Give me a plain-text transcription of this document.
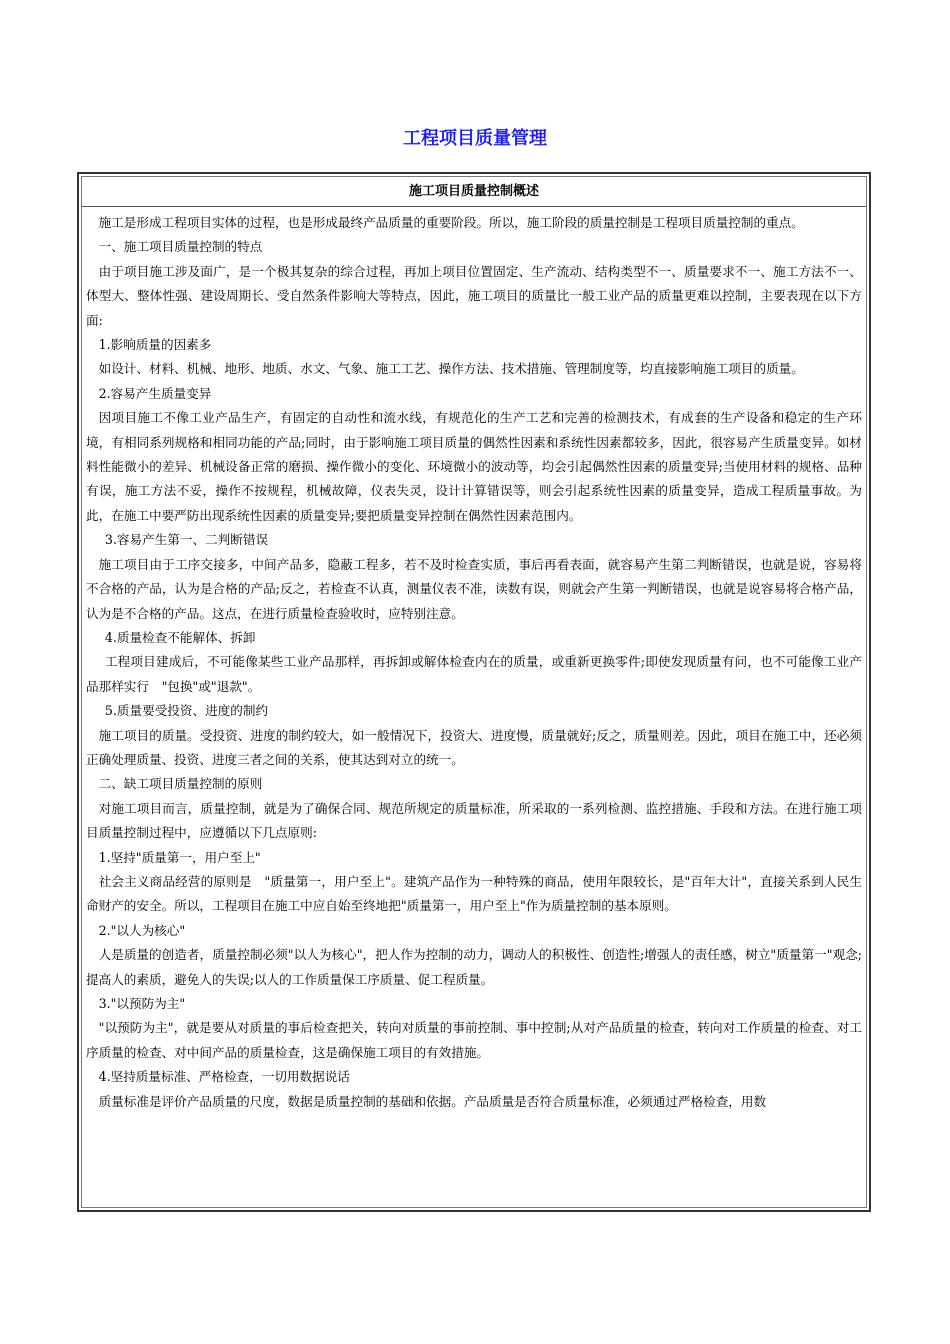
工程项目质量管理
施工项目质量控制概述

施工是形成工程项目实体的过程，也是形成最终产品质量的重要阶段。所以，施工阶段的质量控制是工程项目质量控制的重点。

一、施工项目质量控制的特点

由于项目施工涉及面广，是一个极其复杂的综合过程，再加上项目位置固定、生产流动、结构类型不一、质量要求不一、施工方法不一、体型大、整体性强、建设周期长、受自然条件影响大等特点，因此，施工项目的质量比一般工业产品的质量更难以控制，主要表现在以下方面:

1.影响质量的因素多

如设计、材料、机械、地形、地质、水文、气象、施工工艺、操作方法、技术措施、管理制度等，均直接影响施工项目的质量。

2.容易产生质量变异

因项目施工不像工业产品生产，有固定的自动性和流水线，有规范化的生产工艺和完善的检测技术，有成套的生产设备和稳定的生产环境，有相同系列规格和相同功能的产品;同时，由于影响施工项目质量的偶然性因素和系统性因素都较多，因此，很容易产生质量变异。如材料性能微小的差异、机械设备正常的磨损、操作微小的变化、环境微小的波动等，均会引起偶然性因素的质量变异;当使用材料的规格、品种有误，施工方法不妥，操作不按规程，机械故障，仪表失灵，设计计算错误等，则会引起系统性因素的质量变异，造成工程质量事故。为此，在施工中要严防出现系统性因素的质量变异;要把质量变异控制在偶然性因素范围内。

3.容易产生第一、二判断错误

施工项目由于工序交接多，中间产品多，隐蔽工程多，若不及时检查实质，事后再看表面，就容易产生第二判断错误，也就是说，容易将不合格的产品，认为是合格的产品;反之，若检查不认真，测量仪表不准，读数有误，则就会产生第一判断错误，也就是说容易将合格产品，认为是不合格的产品。这点，在进行质量检查验收时，应特别注意。

4.质量检查不能解体、拆卸

工程项目建成后，不可能像某些工业产品那样，再拆卸或解体检查内在的质量，或重新更换零件;即使发现质量有问，也不可能像工业产品那样实行　"包换"或"退款"。

5.质量要受投资、进度的制约

施工项目的质量。受投资、进度的制约较大，如一般情况下，投资大、进度慢，质量就好;反之，质量则差。因此，项目在施工中，还必须正确处理质量、投资、进度三者之间的关系，使其达到对立的统一。

二、缺工项目质量控制的原则

对施工项目而言，质量控制，就是为了确保合同、规范所规定的质量标准，所采取的一系列检测、监控措施、手段和方法。在进行施工项目质量控制过程中，应遵循以下几点原则:

1.坚持"质量第一，用户至上"

社会主义商品经营的原则是　"质量第一，用户至上"。建筑产品作为一种特殊的商品，使用年限较长，是"百年大计"，直接关系到人民生命财产的安全。所以，工程项目在施工中应自始至终地把"质量第一，用户至上"作为质量控制的基本原则。

2."以人为核心"

人是质量的创造者，质量控制必须"以人为核心"，把人作为控制的动力，调动人的积极性、创造性;增强人的责任感，树立"质量第一"观念;提高人的素质，避免人的失误;以人的工作质量保工序质量、促工程质量。

3."以预防为主"

"以预防为主"，就是要从对质量的事后检查把关，转向对质量的事前控制、事中控制;从对产品质量的检查，转向对工作质量的检查、对工序质量的检查、对中间产品的质量检查，这是确保施工项目的有效措施。

4.坚持质量标准、严格检查，一切用数据说话

质量标准是评价产品质量的尺度，数据是质量控制的基础和依据。产品质量是否符合质量标准，必须通过严格检查，用数
